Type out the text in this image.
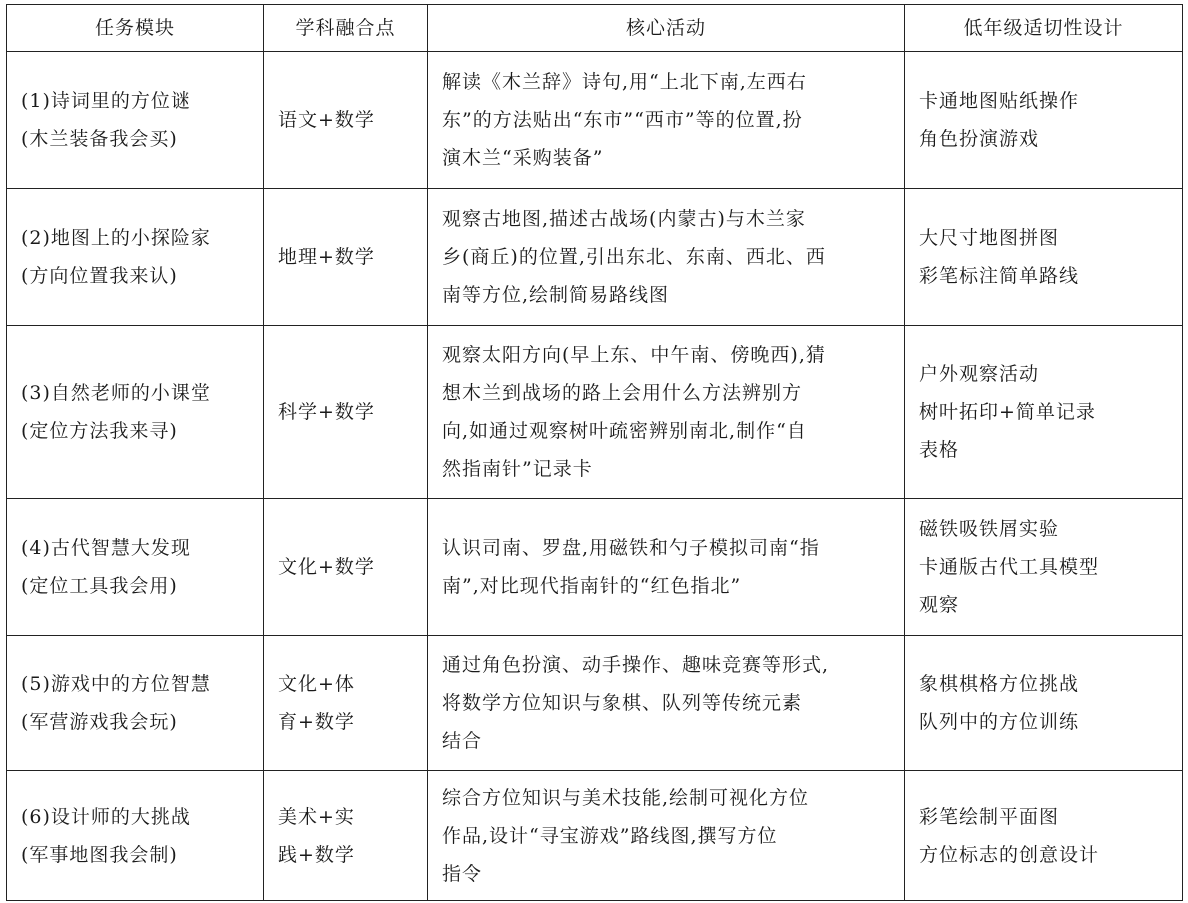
任务模块	学科融合点	核心活动	低年级适切性设计

(1)诗词里的方位谜
(木兰装备我会买)	语文+数学	解读《木兰辞》诗句,用“上北下南,左西右
东”的方法贴出“东市”“西市”等的位置,扮
演木兰“采购装备”	卡通地图贴纸操作
角色扮演游戏

(2)地图上的小探险家
(方向位置我来认)	地理+数学	观察古地图,描述古战场(内蒙古)与木兰家
乡(商丘)的位置,引出东北、东南、西北、西
南等方位,绘制简易路线图	大尺寸地图拼图
彩笔标注简单路线

(3)自然老师的小课堂
(定位方法我来寻)	科学+数学	观察太阳方向(早上东、中午南、傍晚西),猜
想木兰到战场的路上会用什么方法辨别方
向,如通过观察树叶疏密辨别南北,制作“自
然指南针”记录卡	户外观察活动
树叶拓印+简单记录
表格

(4)古代智慧大发现
(定位工具我会用)	文化+数学	认识司南、罗盘,用磁铁和勺子模拟司南“指
南”,对比现代指南针的“红色指北”	磁铁吸铁屑实验
卡通版古代工具模型
观察

(5)游戏中的方位智慧
(军营游戏我会玩)	文化+体
育+数学	通过角色扮演、动手操作、趣味竞赛等形式,
将数学方位知识与象棋、队列等传统元素
结合	象棋棋格方位挑战
队列中的方位训练

(6)设计师的大挑战
(军事地图我会制)	美术+实
践+数学	综合方位知识与美术技能,绘制可视化方位
作品,设计“寻宝游戏”路线图,撰写方位
指令	彩笔绘制平面图
方位标志的创意设计
